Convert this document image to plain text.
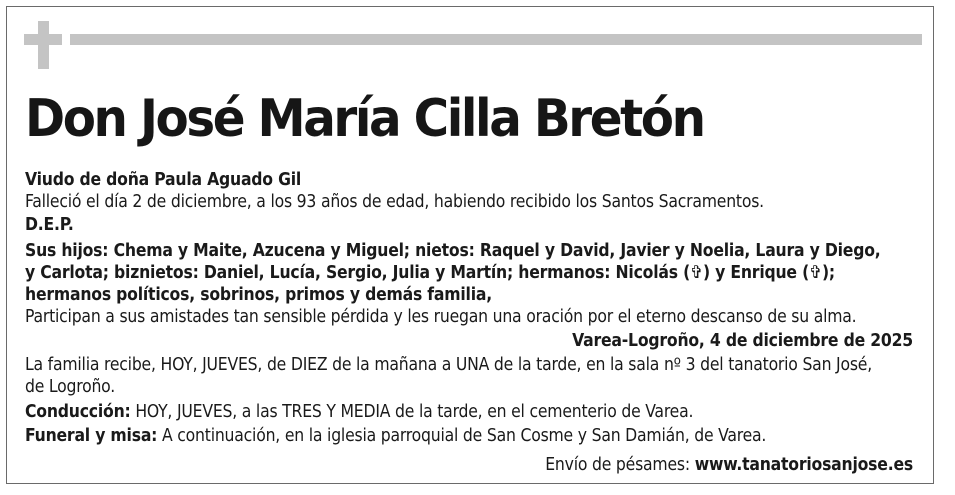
Don José María Cilla Bretón
Viudo de doña Paula Aguado Gil
Falleció el día 2 de diciembre, a los 93 años de edad, habiendo recibido los Santos Sacramentos.
D.E.P.
Sus hijos: Chema y Maite, Azucena y Miguel; nietos: Raquel y David, Javier y Noelia, Laura y Diego,
y Carlota; biznietos: Daniel, Lucía, Sergio, Julia y Martín; hermanos: Nicolás (✞) y Enrique (✞);
hermanos políticos, sobrinos, primos y demás familia,
Participan a sus amistades tan sensible pérdida y les ruegan una oración por el eterno descanso de su alma.
Varea-Logroño, 4 de diciembre de 2025
La familia recibe, HOY, JUEVES, de DIEZ de la mañana a UNA de la tarde, en la sala nº 3 del tanatorio San José,
de Logroño.
Conducción: HOY, JUEVES, a las TRES Y MEDIA de la tarde, en el cementerio de Varea.
Funeral y misa: A continuación, en la iglesia parroquial de San Cosme y San Damián, de Varea.
Envío de pésames: www.tanatoriosanjose.es
